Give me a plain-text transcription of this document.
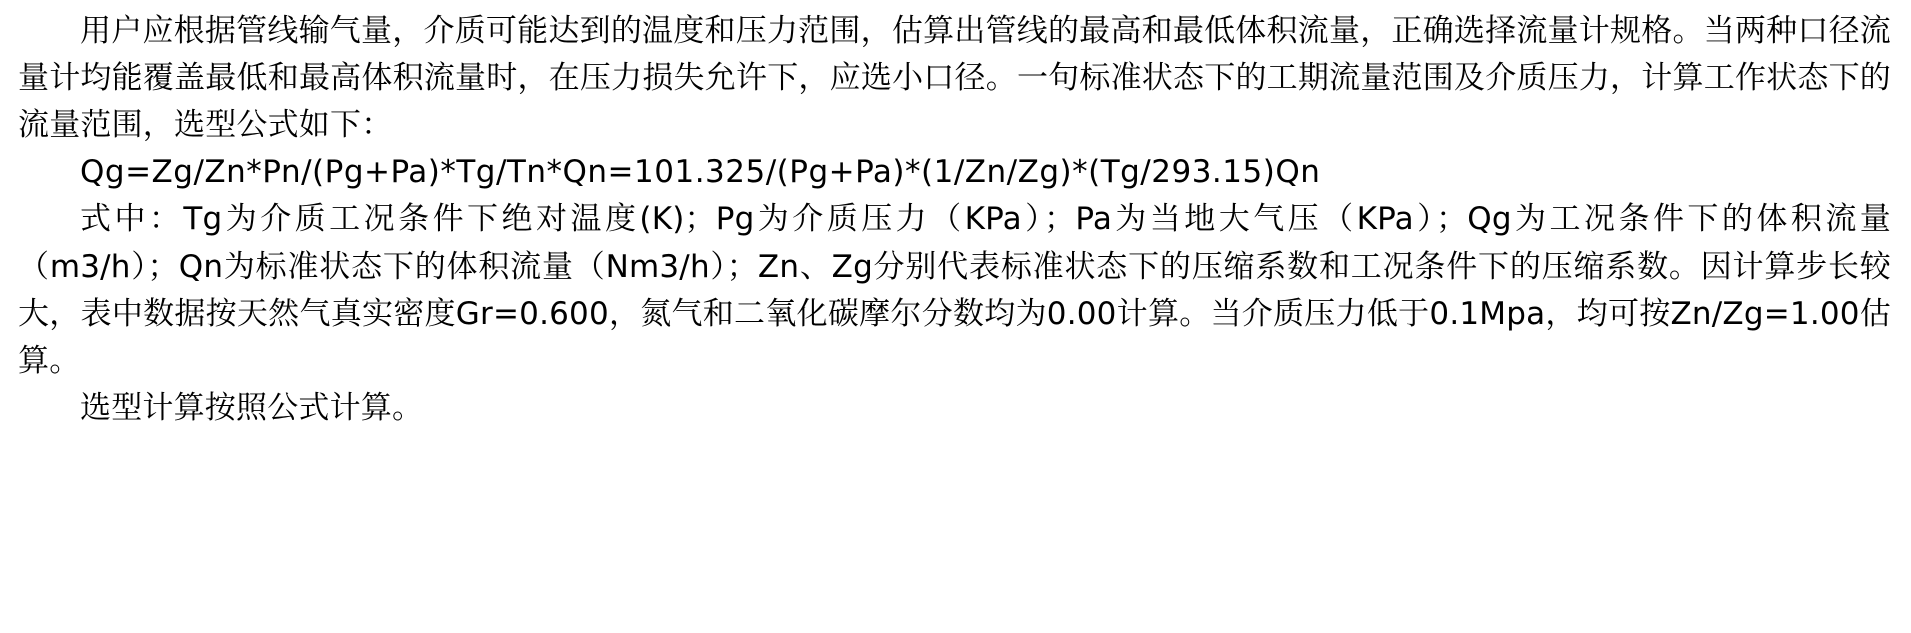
用户应根据管线输气量，介质可能达到的温度和压力范围，估算出管线的最高和最低体积流量，正确选择流量计规格。当两种口径流量计均能覆盖最低和最高体积流量时，在压力损失允许下，应选小口径。一句标准状态下的工期流量范围及介质压力，计算工作状态下的流量范围，选型公式如下：

Qg=Zg/Zn*Pn/(Pg+Pa)*Tg/Tn*Qn=101.325/(Pg+Pa)*(1/Zn/Zg)*(Tg/293.15)Qn

式中：Tg为介质工况条件下绝对温度(K)；Pg为介质压力（KPa）；Pa为当地大气压（KPa）；Qg为工况条件下的体积流量（m3/h）；Qn为标准状态下的体积流量（Nm3/h）；Zn、Zg分别代表标准状态下的压缩系数和工况条件下的压缩系数。因计算步长较大，表中数据按天然气真实密度Gr=0.600，氮气和二氧化碳摩尔分数均为0.00计算。当介质压力低于0.1Mpa，均可按Zn/Zg=1.00估算。

选型计算按照公式计算。
